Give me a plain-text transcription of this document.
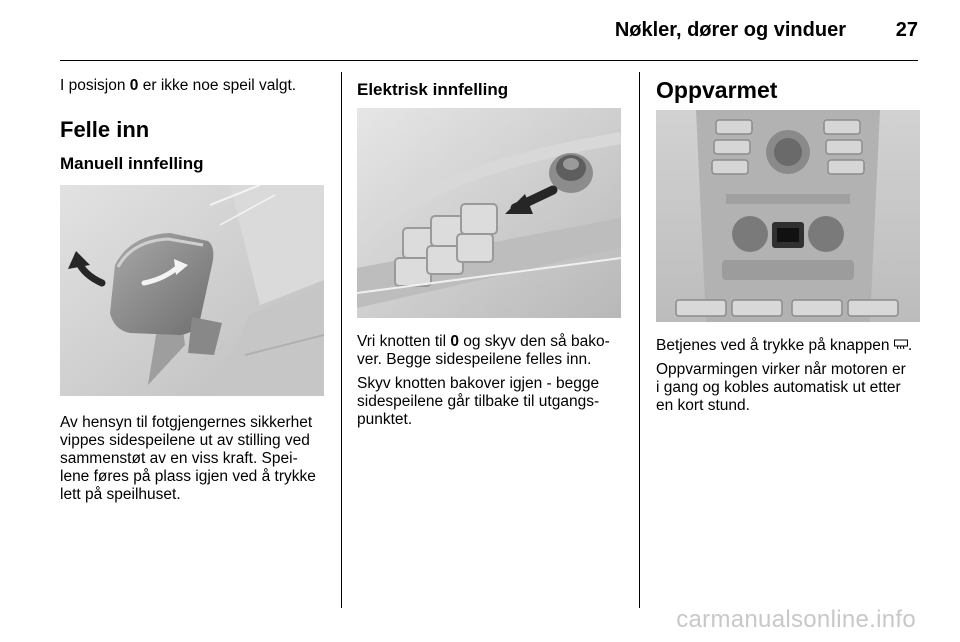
Nøkler, dører og vinduer 27

I posisjon 0 er ikke noe speil valgt.

Felle inn
Manuell innfelling

Av hensyn til fotgjengernes sikkerhet
vippes sidespeilene ut av stilling ved
sammenstøt av en viss kraft. Spei-
lene føres på plass igjen ved å trykke
lett på speilhuset.

Elektrisk innfelling

Vri knotten til 0 og skyv den så bako-

ver. Begge sidespeilene felles inn.

Skyv knotten bakover igjen - begge
sidespeilene går tilbake til utgangs-
punktet.

Oppvarmet

Betjenes ved å trykke på knappen .

Oppvarmingen virker når motoren er
i gang og kobles automatisk ut etter
en kort stund.

carmanualsonline.info
